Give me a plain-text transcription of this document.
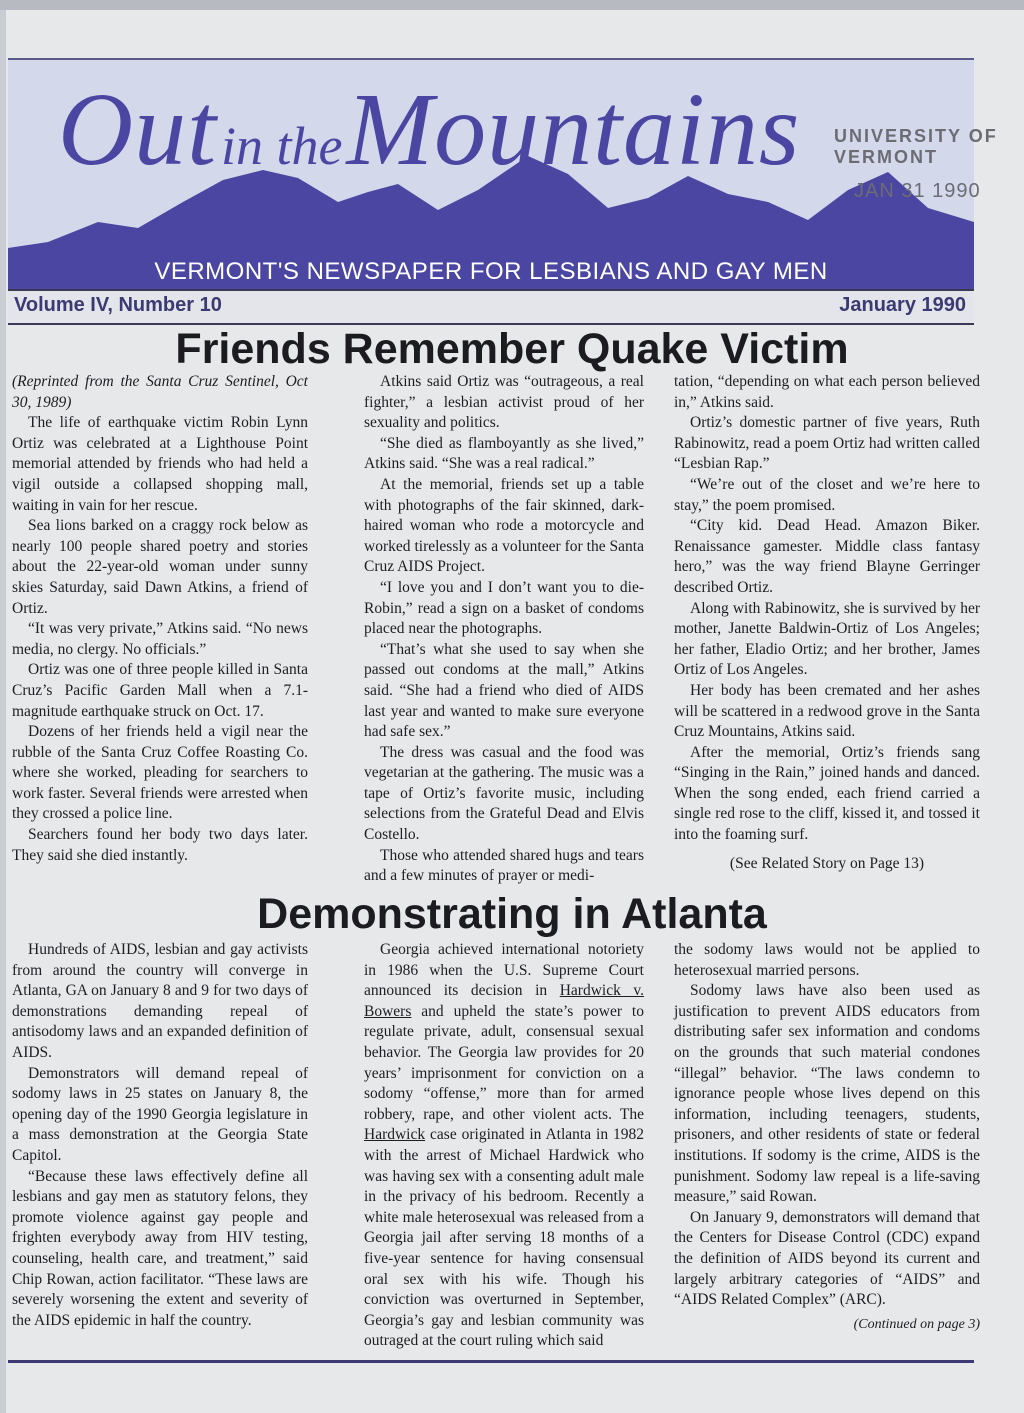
Out in the Mountains
VERMONT'S NEWSPAPER FOR LESBIANS AND GAY MEN
UNIVERSITY OF VERMONT
JAN 31 1990
Volume IV, Number 10	January 1990
Friends Remember Quake Victim

(Reprinted from the Santa Cruz Sentinel, Oct 30, 1989)

The life of earthquake victim Robin Lynn Ortiz was celebrated at a Lighthouse Point memorial attended by friends who had held a vigil outside a collapsed shopping mall, waiting in vain for her rescue.

Sea lions barked on a craggy rock below as nearly 100 people shared poetry and stories about the 22-year-old woman under sunny skies Saturday, said Dawn Atkins, a friend of Ortiz.

“It was very private,” Atkins said. “No news media, no clergy. No officials.”

Ortiz was one of three people killed in Santa Cruz’s Pacific Garden Mall when a 7.1-magnitude earthquake struck on Oct. 17.

Dozens of her friends held a vigil near the rubble of the Santa Cruz Coffee Roasting Co. where she worked, pleading for searchers to work faster. Several friends were arrested when they crossed a police line.

Searchers found her body two days later. They said she died instantly.

Atkins said Ortiz was “outrageous, a real fighter,” a lesbian activist proud of her sexuality and politics.

“She died as flamboyantly as she lived,” Atkins said. “She was a real radical.”

At the memorial, friends set up a table with photographs of the fair skinned, dark-haired woman who rode a motorcycle and worked tirelessly as a volunteer for the Santa Cruz AIDS Project.

“I love you and I don’t want you to die-Robin,” read a sign on a basket of condoms placed near the photographs.

“That’s what she used to say when she passed out condoms at the mall,” Atkins said. “She had a friend who died of AIDS last year and wanted to make sure everyone had safe sex.”

The dress was casual and the food was vegetarian at the gathering. The music was a tape of Ortiz’s favorite music, including selections from the Grateful Dead and Elvis Costello.

Those who attended shared hugs and tears and a few minutes of prayer or medi-

tation, “depending on what each person believed in,” Atkins said.

Ortiz’s domestic partner of five years, Ruth Rabinowitz, read a poem Ortiz had written called “Lesbian Rap.”

“We’re out of the closet and we’re here to stay,” the poem promised.

“City kid. Dead Head. Amazon Biker. Renaissance gamester. Middle class fantasy hero,” was the way friend Blayne Gerringer described Ortiz.

Along with Rabinowitz, she is survived by her mother, Janette Baldwin-Ortiz of Los Angeles; her father, Eladio Ortiz; and her brother, James Ortiz of Los Angeles.

Her body has been cremated and her ashes will be scattered in a redwood grove in the Santa Cruz Mountains, Atkins said.

After the memorial, Ortiz’s friends sang “Singing in the Rain,” joined hands and danced. When the song ended, each friend carried a single red rose to the cliff, kissed it, and tossed it into the foaming surf.

(See Related Story on Page 13)

Demonstrating in Atlanta

Hundreds of AIDS, lesbian and gay activists from around the country will converge in Atlanta, GA on January 8 and 9 for two days of demonstrations demanding repeal of antisodomy laws and an expanded definition of AIDS.

Demonstrators will demand repeal of sodomy laws in 25 states on January 8, the opening day of the 1990 Georgia legislature in a mass demonstration at the Georgia State Capitol.

“Because these laws effectively define all lesbians and gay men as statutory felons, they promote violence against gay people and frighten everybody away from HIV testing, counseling, health care, and treatment,” said Chip Rowan, action facilitator. “These laws are severely worsening the extent and severity of the AIDS epidemic in half the country.

Georgia achieved international notoriety in 1986 when the U.S. Supreme Court announced its decision in Hardwick v. Bowers and upheld the state’s power to regulate private, adult, consensual sexual behavior. The Georgia law provides for 20 years’ imprisonment for conviction on a sodomy “offense,” more than for armed robbery, rape, and other violent acts. The Hardwick case originated in Atlanta in 1982 with the arrest of Michael Hardwick who was having sex with a consenting adult male in the privacy of his bedroom. Recently a white male heterosexual was released from a Georgia jail after serving 18 months of a five-year sentence for having consensual oral sex with his wife. Though his conviction was overturned in September, Georgia’s gay and lesbian community was outraged at the court ruling which said

the sodomy laws would not be applied to heterosexual married persons.

Sodomy laws have also been used as justification to prevent AIDS educators from distributing safer sex information and condoms on the grounds that such material condones “illegal” behavior. “The laws condemn to ignorance people whose lives depend on this information, including teenagers, students, prisoners, and other residents of state or federal institutions. If sodomy is the crime, AIDS is the punishment. Sodomy law repeal is a life-saving measure,” said Rowan.

On January 9, demonstrators will demand that the Centers for Disease Control (CDC) expand the definition of AIDS beyond its current and largely arbitrary categories of “AIDS” and “AIDS Related Complex” (ARC).

(Continued on page 3)
